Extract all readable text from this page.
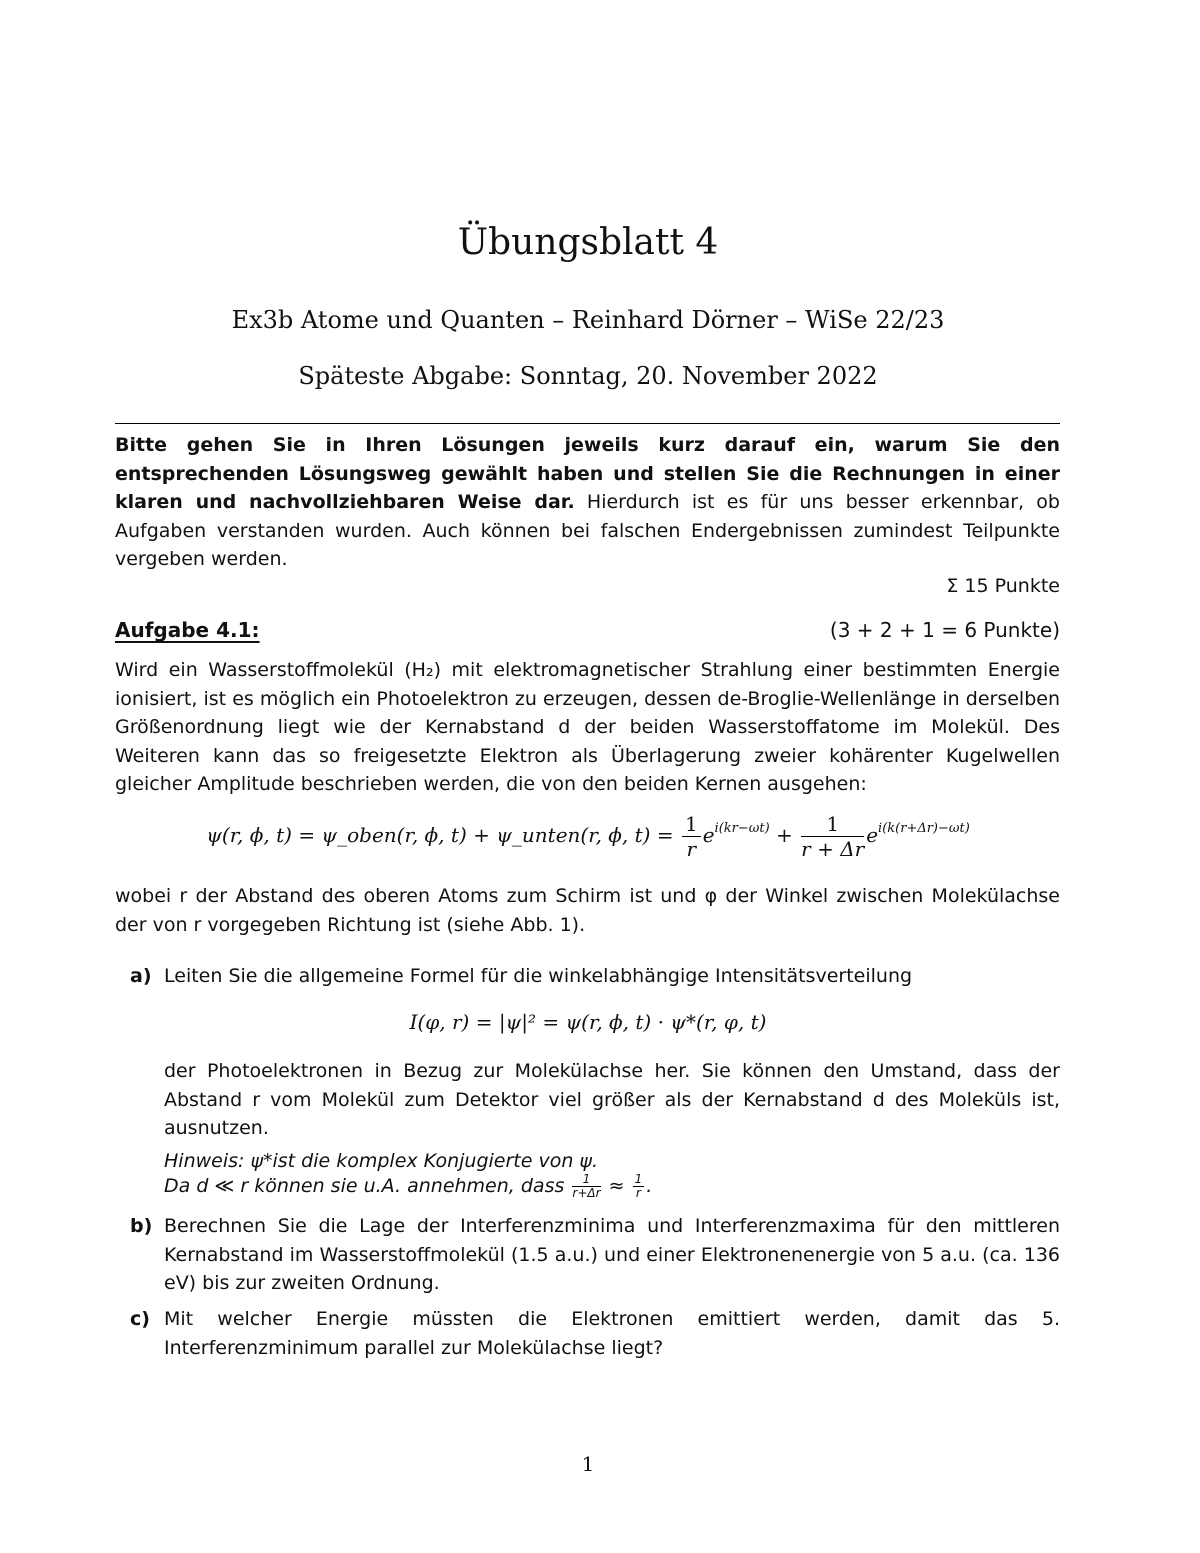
Übungsblatt 4
Ex3b Atome und Quanten – Reinhard Dörner – WiSe 22/23
Späteste Abgabe: Sonntag, 20. November 2022
Bitte gehen Sie in Ihren Lösungen jeweils kurz darauf ein, warum Sie den entsprechenden Lösungsweg gewählt haben und stellen Sie die Rechnungen in einer klaren und nachvollziehbaren Weise dar. Hierdurch ist es für uns besser erkennbar, ob Aufgaben verstanden wurden. Auch können bei falschen Endergebnissen zumindest Teilpunkte vergeben werden.
Σ 15 Punkte
Aufgabe 4.1:	(3 + 2 + 1 = 6 Punkte)
Wird ein Wasserstoffmolekül (H₂) mit elektromagnetischer Strahlung einer bestimmten Energie ionisiert, ist es möglich ein Photoelektron zu erzeugen, dessen de-Broglie-Wellenlänge in derselben Größenordnung liegt wie der Kernabstand d der beiden Wasserstoffatome im Molekül. Des Weiteren kann das so freigesetzte Elektron als Überlagerung zweier kohärenter Kugelwellen gleicher Amplitude beschrieben werden, die von den beiden Kernen ausgehen:
ψ(r, ϕ, t) = ψ_oben(r, ϕ, t) + ψ_unten(r, ϕ, $t) = \frac{1}{r} e^{i(kr-\omega t)} + \frac{1}{r + \Delta r} e^{i(k(r+\Delta r)-\omega t)}$
wobei r der Abstand des oberen Atoms zum Schirm ist und φ der Winkel zwischen Molekülachse der von r vorgegeben Richtung ist (siehe Abb. 1).
a) Leiten Sie die allgemeine Formel für die winkelabhängige Intensitätsverteilung
I(φ, r) = |ψ|² = ψ(r, ϕ, t) · ψ*(r, φ, t)
der Photoelektronen in Bezug zur Molekülachse her. Sie können den Umstand, dass der Abstand r vom Molekül zum Detektor viel größer als der Kernabstand d des Moleküls ist, ausnutzen.
Hinweis: ψ*ist die komplex Konjugierte von ψ.
Da d ≪ r können sie u.A. annehmen, dass $\frac{1}{r+\Delta r} \approx \frac{1}{r}$ .
b) Berechnen Sie die Lage der Interferenzminima und Interferenzmaxima für den mittleren Kernabstand im Wasserstoffmolekül (1.5 a.u.) und einer Elektronenenergie von 5 a.u. (ca. 136 eV) bis zur zweiten Ordnung.
c) Mit welcher Energie müssten die Elektronen emittiert werden, damit das 5. Interferenzminimum parallel zur Molekülachse liegt?
1
